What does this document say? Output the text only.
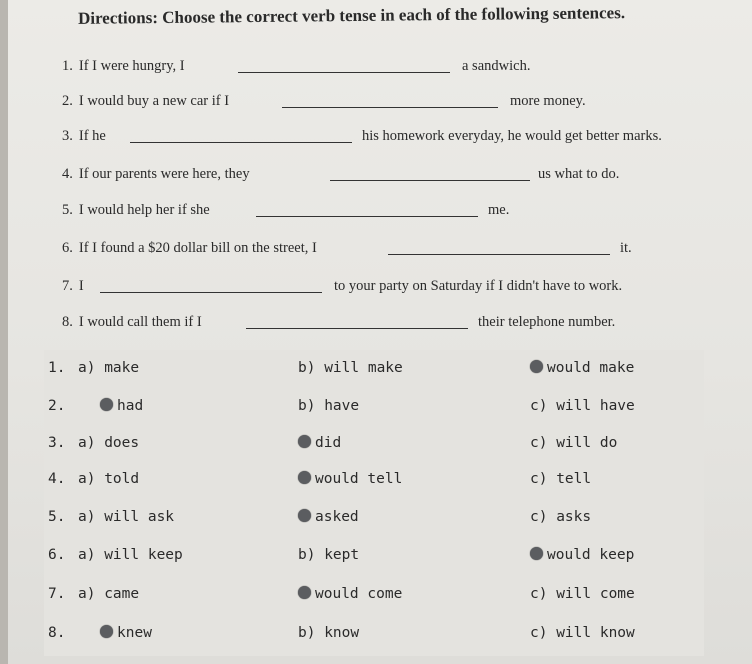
Directions: Choose the correct verb tense in each of the following sentences.
1. If I were hungry, I	a sandwich.
2. I would buy a new car if I	more money.
3. If he	his homework everyday, he would get better marks.
4. If our parents were here, they	us what to do.
5. I would help her if she	me.
6. If I found a $20 dollar bill on the street, I	it.
7. I	to your party on Saturday if I didn't have to work.
8. I would call them if I	their telephone number.
1. a) make	b) will make	would make
2.	had	b) have	c) will have
3. a) does	did	c) will do
4. a) told	would tell	c) tell
5. a) will ask	asked	c) asks
6. a) will keep	b) kept	would keep
7. a) came	would come	c) will come
8.	knew	b) know	c) will know
